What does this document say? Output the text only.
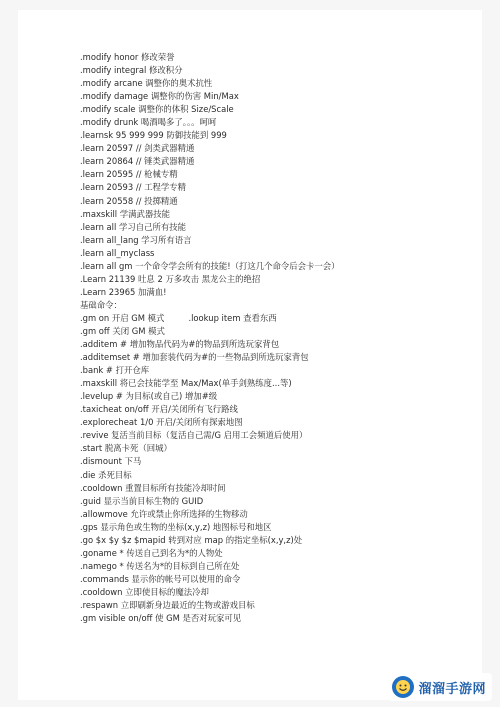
.modify honor 修改荣誉
.modify integral 修改积分
.modify arcane 调整你的奥术抗性
.modify damage 调整你的伤害 Min/Max
.modify scale 调整你的体积 Size/Scale
.modify drunk 喝酒喝多了。。。呵呵
.learnsk 95 999 999 防御技能到 999
.learn 20597 // 剑类武器精通
.learn 20864 // 锤类武器精通
.learn 20595 // 枪械专精
.learn 20593 // 工程学专精
.learn 20558 // 投掷精通
.maxskill 学满武器技能
.learn all 学习自己所有技能
.learn all_lang 学习所有语言
.learn all_myclass
.learn all gm 一个命令学会所有的技能!（打这几个命令后会卡一会）
.Learn 21139 吐息 2 万多攻击 黑龙公主的绝招
.Learn 23965 加满血!
基础命令：
.gm on 开启 GM 模式	.lookup item 查看东西
.gm off 关闭 GM 模式
.additem # 增加物品代码为#的物品到所选玩家背包
.additemset # 增加套装代码为#的一些物品到所选玩家背包
.bank # 打开仓库
.maxskill 将已会技能学至 Max/Max(单手剑熟练度...等)
.levelup # 为目标(或自己) 增加#级
.taxicheat on/off 开启/关闭所有飞行路线
.explorecheat 1/0 开启/关闭所有探索地图
.revive 复活当前目标（复活自己需/G 启用工会频道后使用）
.start 脱离卡死（回城）
.dismount 下马
.die 杀死目标
.cooldown 重置目标所有技能冷却时间
.guid 显示当前目标生物的 GUID
.allowmove 允许或禁止你所选择的生物移动
.gps 显示角色或生物的坐标(x,y,z) 地图标号和地区
.go $x $y $z $mapid 转到对应 map 的指定坐标(x,y,z)处
.goname * 传送自己到名为*的人物处
.namego * 传送名为*的目标到自己所在处
.commands 显示你的帐号可以使用的命令
.cooldown 立即使目标的魔法冷却
.respawn 立即刷新身边最近的生物或游戏目标
.gm visible on/off 使 GM 是否对玩家可见
溜溜手游网
